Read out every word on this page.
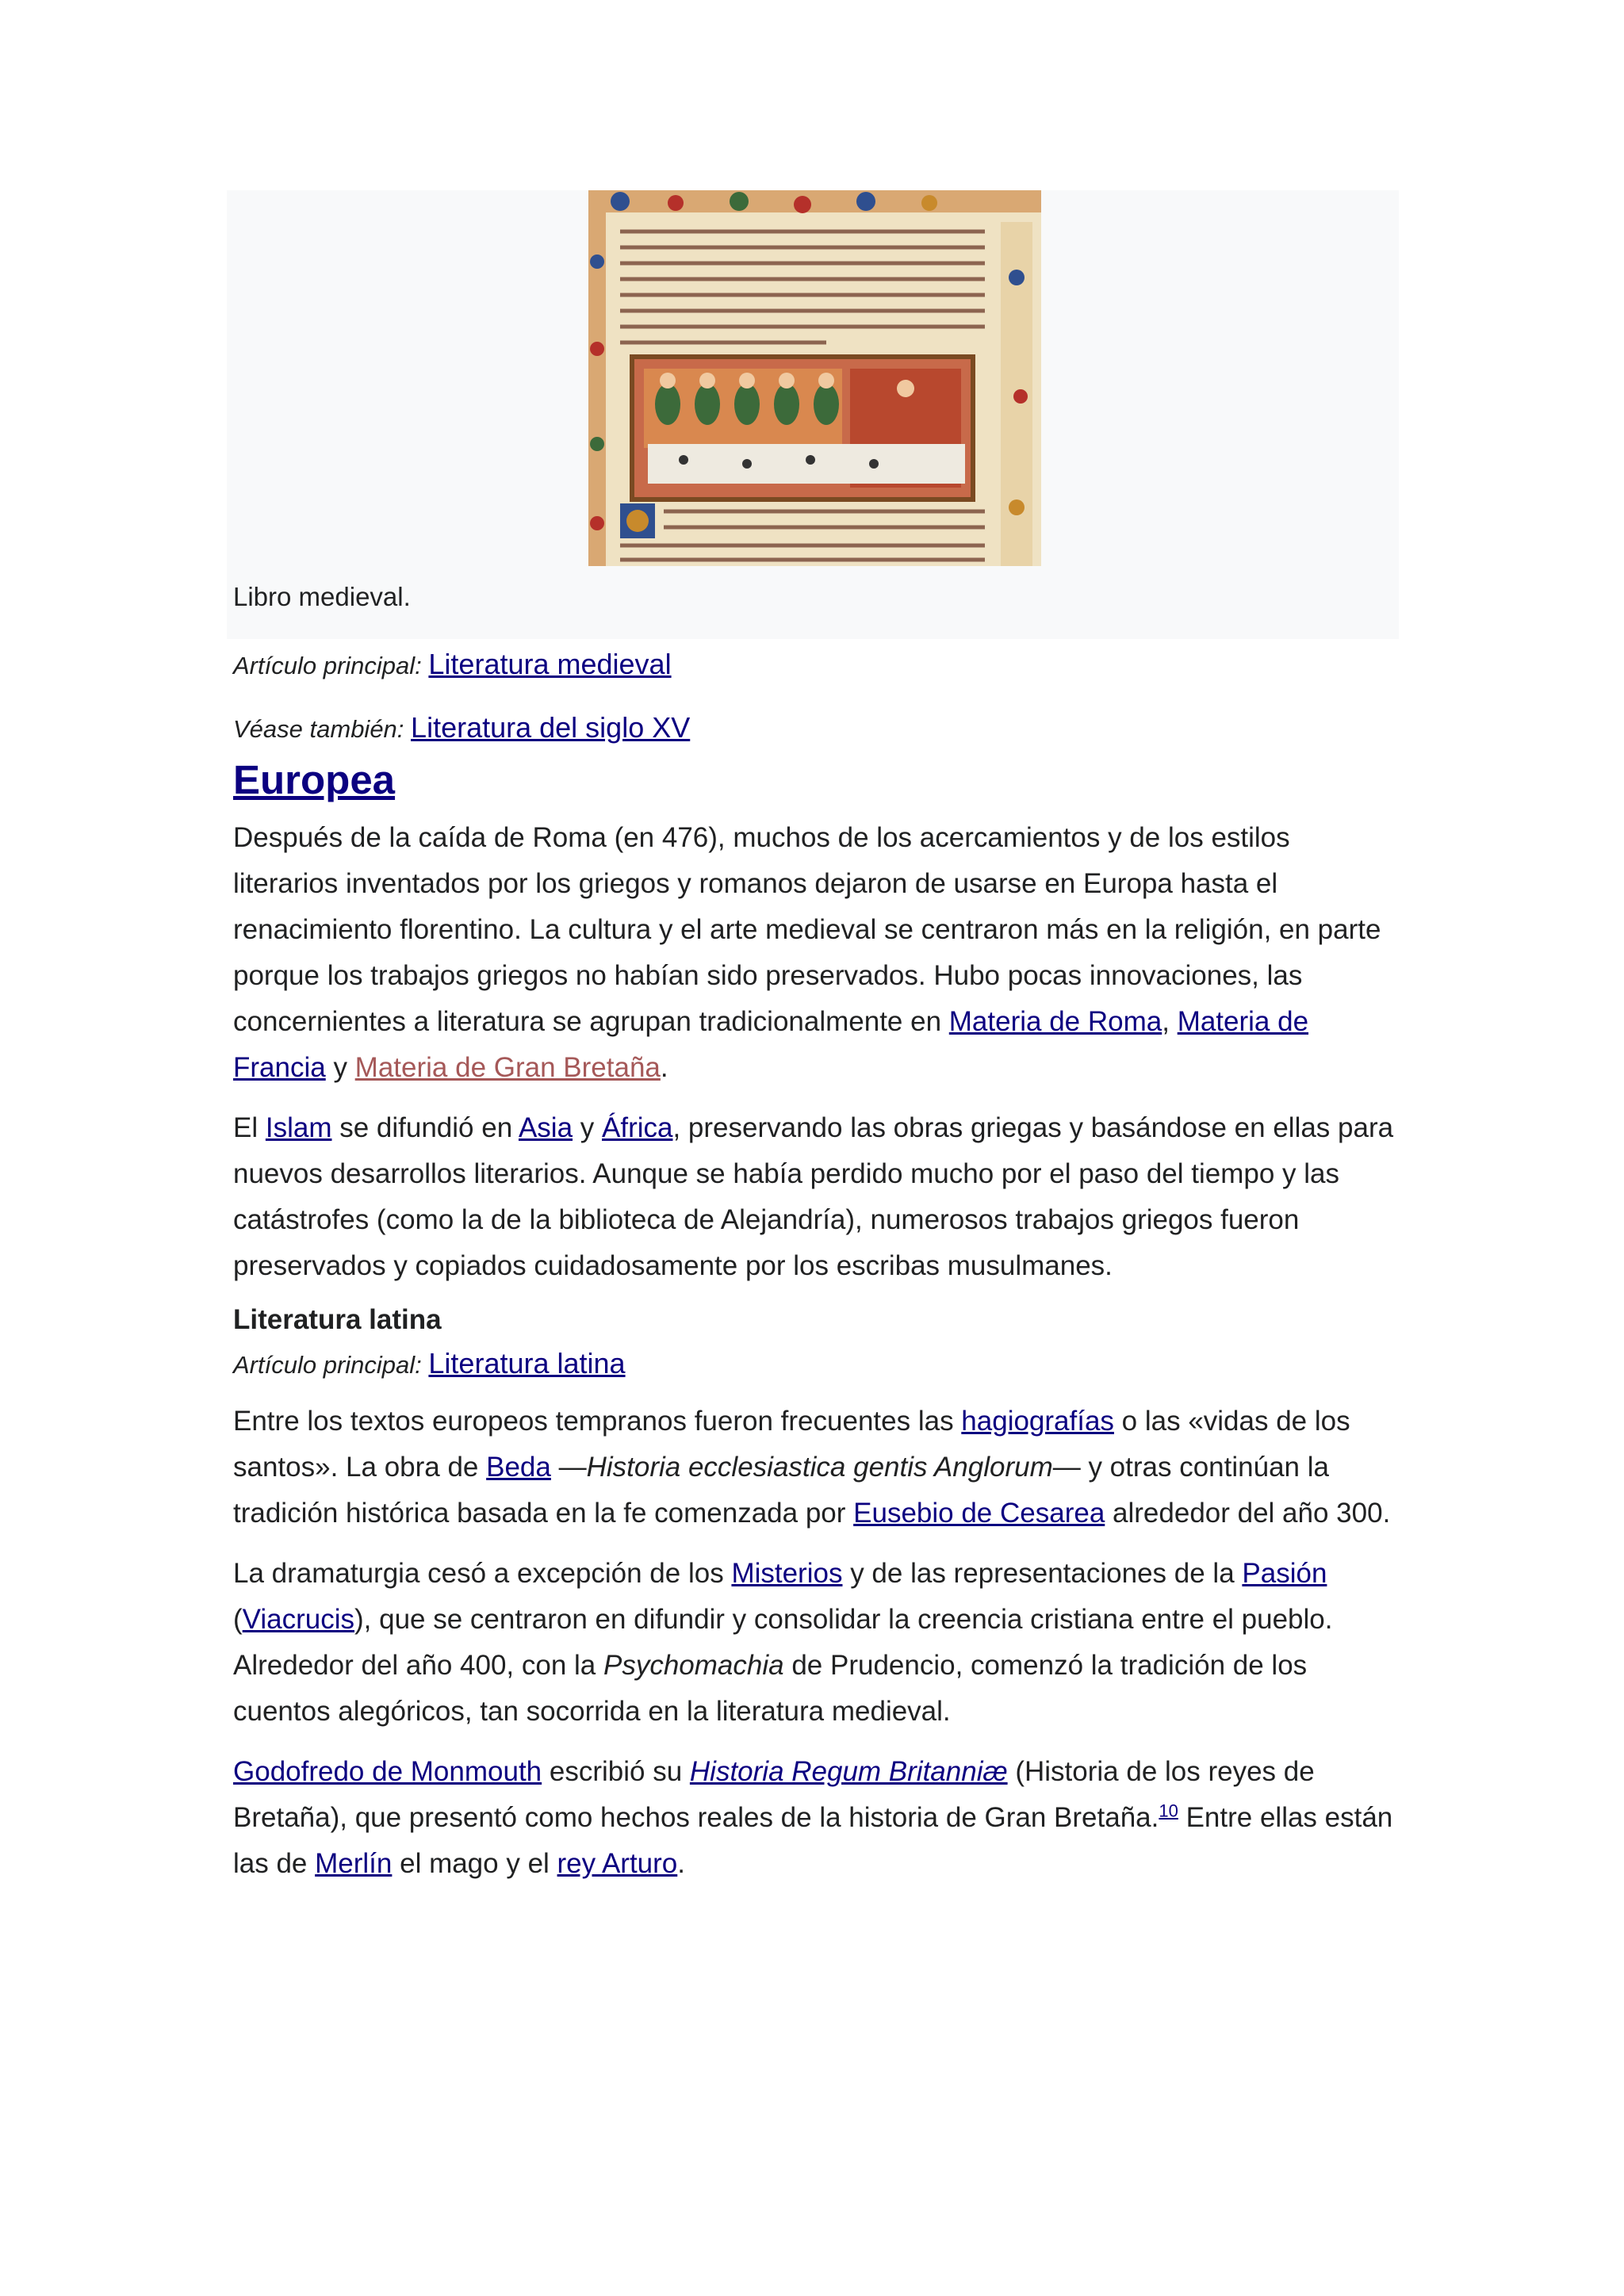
Libro medieval.

Artículo principal: Literatura medieval

Véase también: Literatura del siglo XV

Europea

Después de la caída de Roma (en 476), muchos de los acercamientos y de los estilos literarios inventados por los griegos y romanos dejaron de usarse en Europa hasta el renacimiento florentino. La cultura y el arte medieval se centraron más en la religión, en parte porque los trabajos griegos no habían sido preservados. Hubo pocas innovaciones, las concernientes a literatura se agrupan tradicionalmente en Materia de Roma, Materia de Francia y Materia de Gran Bretaña.

El Islam se difundió en Asia y África, preservando las obras griegas y basándose en ellas para nuevos desarrollos literarios. Aunque se había perdido mucho por el paso del tiempo y las catástrofes (como la de la biblioteca de Alejandría), numerosos trabajos griegos fueron preservados y copiados cuidadosamente por los escribas musulmanes.

Literatura latina

Artículo principal: Literatura latina

Entre los textos europeos tempranos fueron frecuentes las hagiografías o las «vidas de los santos». La obra de Beda —Historia ecclesiastica gentis Anglorum— y otras continúan la tradición histórica basada en la fe comenzada por Eusebio de Cesarea alrededor del año 300.

La dramaturgia cesó a excepción de los Misterios y de las representaciones de la Pasión (Viacrucis), que se centraron en difundir y consolidar la creencia cristiana entre el pueblo. Alrededor del año 400, con la Psychomachia de Prudencio, comenzó la tradición de los cuentos alegóricos, tan socorrida en la literatura medieval.

Godofredo de Monmouth escribió su Historia Regum Britanniæ (Historia de los reyes de Bretaña), que presentó como hechos reales de la historia de Gran Bretaña.$^{10}$ Entre ellas están las de Merlín el mago y el rey Arturo.
